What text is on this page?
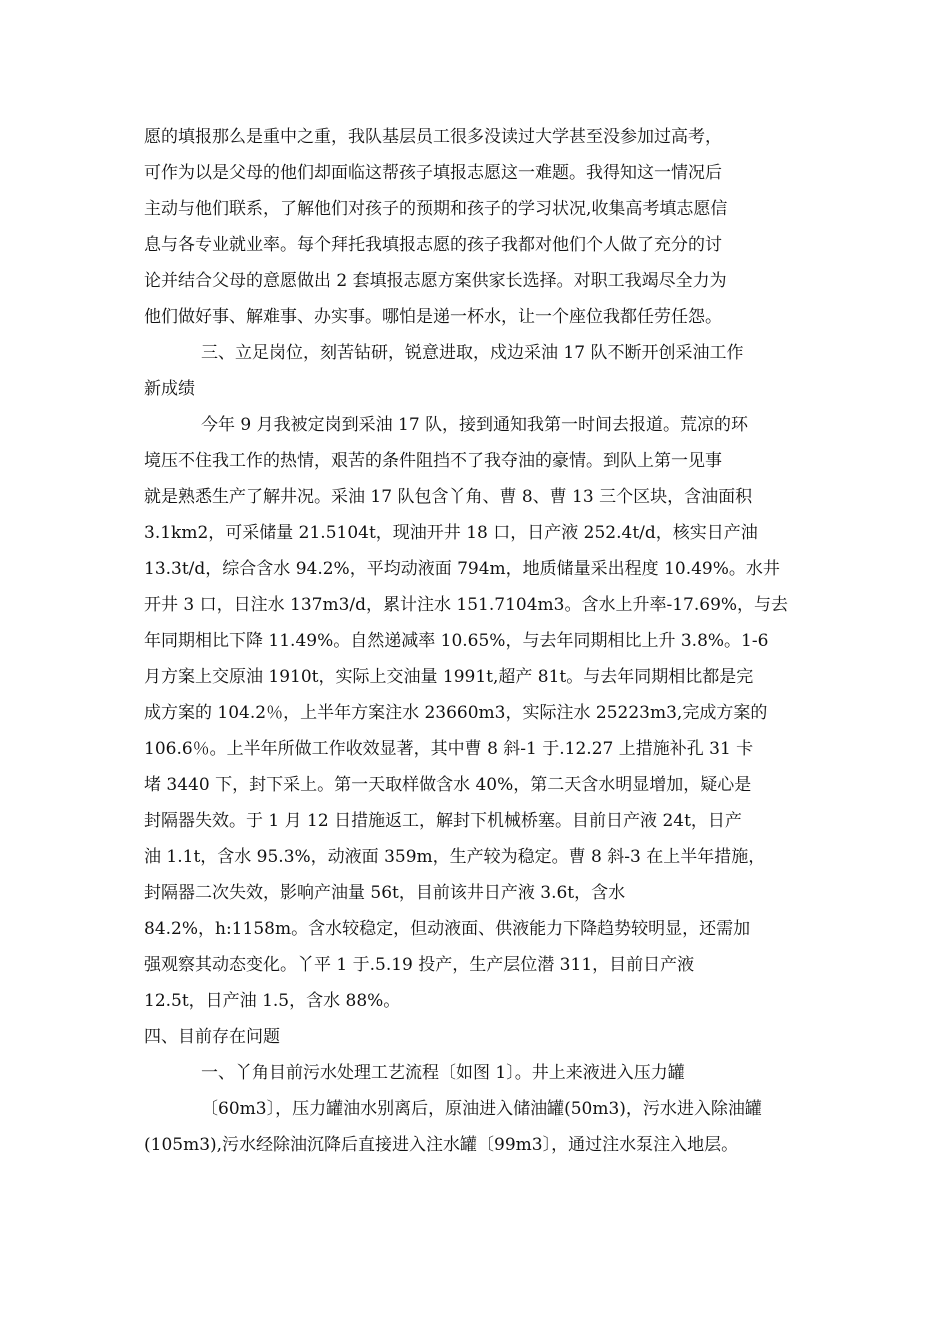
愿的填报那么是重中之重，我队基层员工很多没读过大学甚至没参加过高考，
可作为以是父母的他们却面临这帮孩子填报志愿这一难题。我得知这一情况后
主动与他们联系，了解他们对孩子的预期和孩子的学习状况,收集高考填志愿信
息与各专业就业率。每个拜托我填报志愿的孩子我都对他们个人做了充分的讨
论并结合父母的意愿做出 2 套填报志愿方案供家长选择。对职工我竭尽全力为
他们做好事、解难事、办实事。哪怕是递一杯水，让一个座位我都任劳任怨。
三、立足岗位，刻苦钻研，锐意进取，戍边采油 17 队不断开创采油工作
新成绩
今年 9 月我被定岗到采油 17 队，接到通知我第一时间去报道。荒凉的环
境压不住我工作的热情，艰苦的条件阻挡不了我夺油的豪情。到队上第一见事
就是熟悉生产了解井况。采油 17 队包含丫角、曹 8、曹 13 三个区块，含油面积
3.1km2，可采储量 21.5104t，现油开井 18 口，日产液 252.4t/d，核实日产油
13.3t/d，综合含水 94.2%，平均动液面 794m，地质储量采出程度 10.49%。水井
开井 3 口，日注水 137m3/d，累计注水 151.7104m3。含水上升率-17.69%，与去
年同期相比下降 11.49%。自然递减率 10.65%，与去年同期相比上升 3.8%。1-6
月方案上交原油 1910t，实际上交油量 1991t,超产 81t。与去年同期相比都是完
成方案的 104.2％，上半年方案注水 23660m3，实际注水 25223m3,完成方案的
106.6％。上半年所做工作收效显著，其中曹 8 斜-1 于.12.27 上措施补孔 31 卡
堵 3440 下，封下采上。第一天取样做含水 40%，第二天含水明显增加，疑心是
封隔器失效。于 1 月 12 日措施返工，解封下机械桥塞。目前日产液 24t，日产
油 1.1t，含水 95.3%，动液面 359m，生产较为稳定。曹 8 斜-3 在上半年措施，
封隔器二次失效，影响产油量 56t，目前该井日产液 3.6t，含水
84.2%，h:1158m。含水较稳定，但动液面、供液能力下降趋势较明显，还需加
强观察其动态变化。丫平 1 于.5.19 投产，生产层位潜 311，目前日产液
12.5t，日产油 1.5，含水 88%。
四、目前存在问题
一、丫角目前污水处理工艺流程〔如图 1〕。井上来液进入压力罐
〔60m3〕，压力罐油水别离后，原油进入储油罐(50m3)，污水进入除油罐
(105m3),污水经除油沉降后直接进入注水罐〔99m3〕，通过注水泵注入地层。
